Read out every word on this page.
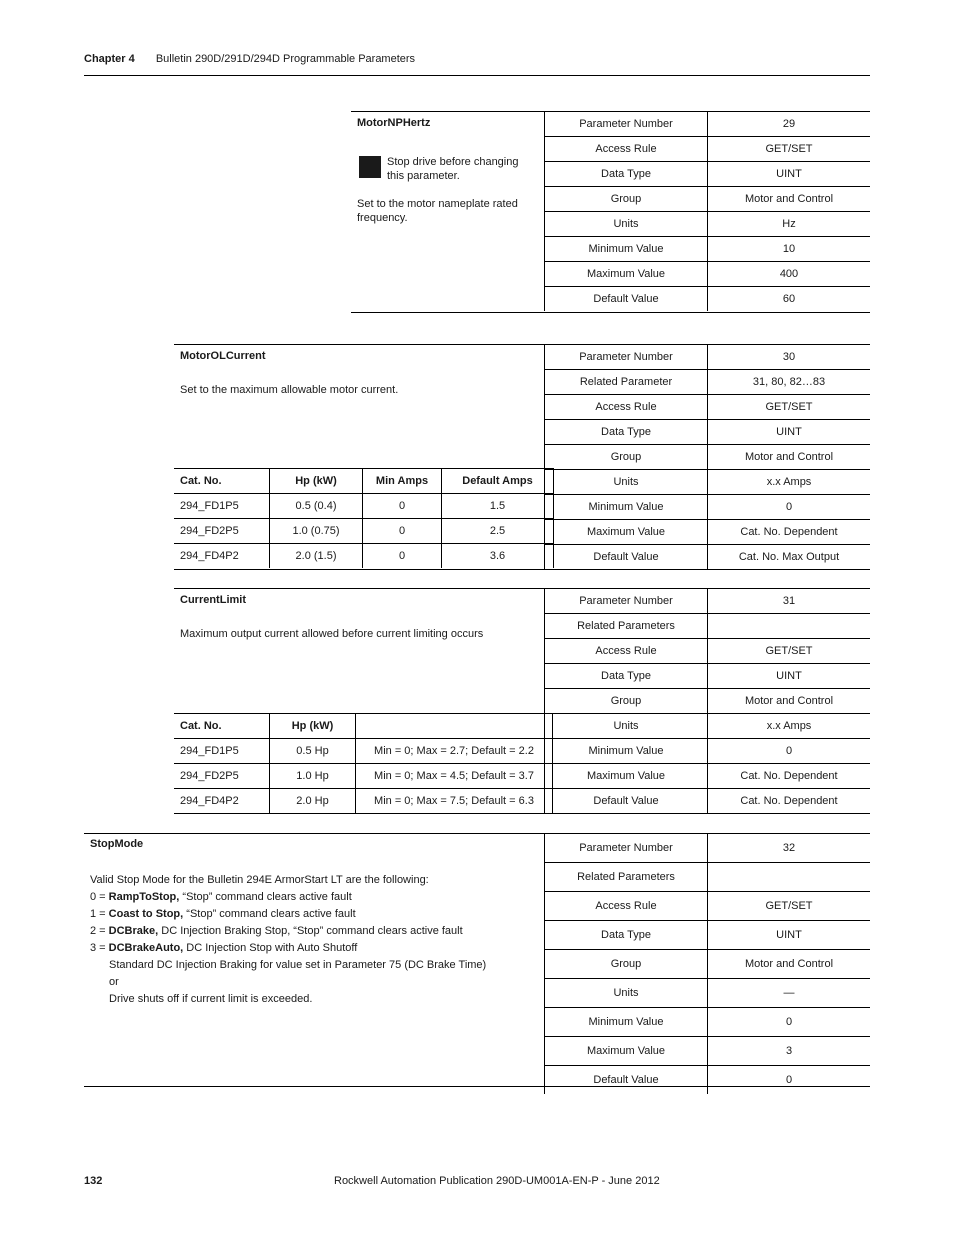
Chapter 4 Bulletin 290D/291D/294D Programmable Parameters
MotorNPHertz
Stop drive before changing this parameter.
Set to the motor nameplate rated frequency.
Parameter Number	29
Access Rule	GET/SET
Data Type	UINT
Group	Motor and Control
Units	Hz
Minimum Value	10
Maximum Value	400
Default Value	60
MotorOLCurrent
Set to the maximum allowable motor current.
Cat. No.	Hp (kW)	Min Amps	Default Amps
294_FD1P5	0.5 (0.4)	0	1.5
294_FD2P5	1.0 (0.75)	0	2.5
294_FD4P2	2.0 (1.5)	0	3.6
Parameter Number	30
Related Parameter	31, 80, 82…83
Access Rule	GET/SET
Data Type	UINT
Group	Motor and Control
Units	x.x Amps
Minimum Value	0
Maximum Value	Cat. No. Dependent
Default Value	Cat. No. Max Output
CurrentLimit
Maximum output current allowed before current limiting occurs
Cat. No.	Hp (kW)	
294_FD1P5	0.5 Hp	Min = 0; Max = 2.7; Default = 2.2
294_FD2P5	1.0 Hp	Min = 0; Max = 4.5; Default = 3.7
294_FD4P2	2.0 Hp	Min = 0; Max = 7.5; Default = 6.3
Parameter Number	31
Related Parameters	
Access Rule	GET/SET
Data Type	UINT
Group	Motor and Control
Units	x.x Amps
Minimum Value	0
Maximum Value	Cat. No. Dependent
Default Value	Cat. No. Dependent
StopMode

Valid Stop Mode for the Bulletin 294E ArmorStart LT are the following:

0 = RampToStop, “Stop” command clears active fault

1 = Coast to Stop, “Stop” command clears active fault

2 = DCBrake, DC Injection Braking Stop, “Stop” command clears active fault

3 = DCBrakeAuto, DC Injection Stop with Auto Shutoff

Standard DC Injection Braking for value set in Parameter 75 (DC Brake Time)

or

Drive shuts off if current limit is exceeded.

Parameter Number	32
Related Parameters	
Access Rule	GET/SET
Data Type	UINT
Group	Motor and Control
Units	—
Minimum Value	0
Maximum Value	3
Default Value	0
132	Rockwell Automation Publication 290D-UM001A-EN-P - June 2012
